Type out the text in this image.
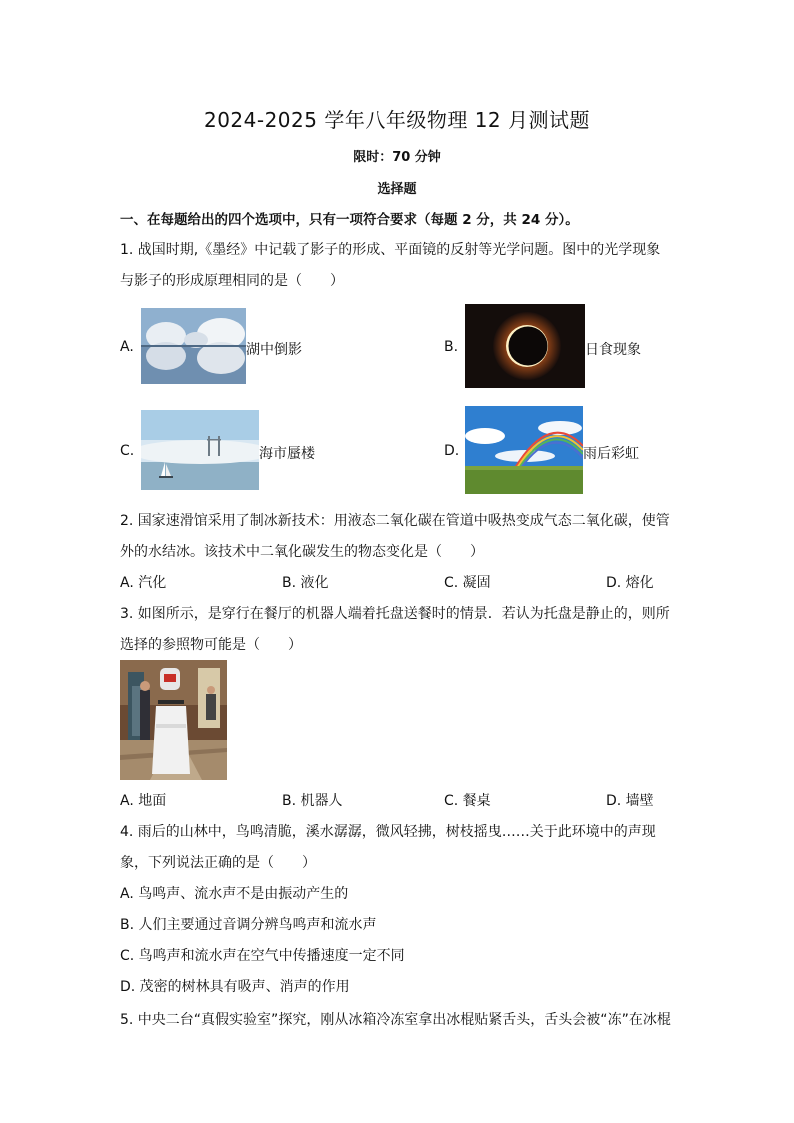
2024-2025 学年八年级物理 12 月测试题
限时：70 分钟
选择题
一、在每题给出的四个选项中，只有一项符合要求（每题 2 分，共 24 分）。
1. 战国时期,《墨经》中记载了影子的形成、平面镜的反射等光学问题。图中的光学现象
与影子的形成原理相同的是（　　）
A.	湖中倒影	B.	日食现象
C.	海市蜃楼	D.	雨后彩虹
2. 国家速滑馆采用了制冰新技术：用液态二氧化碳在管道中吸热变成气态二氧化碳，使管
外的水结冰。该技术中二氧化碳发生的物态变化是（　　）
A. 汽化	B. 液化	C. 凝固	D. 熔化
3. 如图所示，是穿行在餐厅的机器人端着托盘送餐时的情景．若认为托盘是静止的，则所
选择的参照物可能是（　　）
A. 地面	B. 机器人	C. 餐桌	D. 墙壁
4. 雨后的山林中，鸟鸣清脆，溪水潺潺，微风轻拂，树枝摇曳……关于此环境中的声现
象，下列说法正确的是（　　）
A. 鸟鸣声、流水声不是由振动产生的
B. 人们主要通过音调分辨鸟鸣声和流水声
C. 鸟鸣声和流水声在空气中传播速度一定不同
D. 茂密的树林具有吸声、消声的作用
5. 中央二台“真假实验室”探究，刚从冰箱冷冻室拿出冰棍贴紧舌头，舌头会被“冻”在冰棍
